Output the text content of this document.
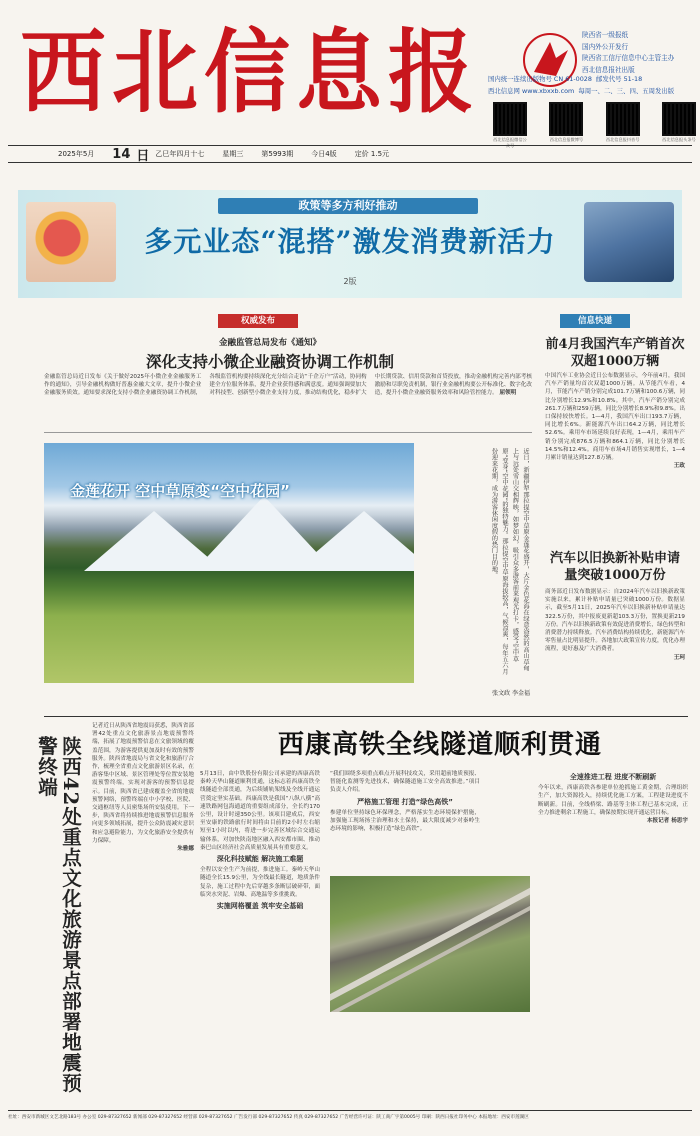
西北信息报	陕西省一级报纸
国内外公开发行
陕西省工信厅信息中心主管主办
西北信息报社出版
国内统一连续出版物号 CN 61-0028 邮发代号 51-18
西北信息网 www.xbxxb.com 每周一、二、三、四、五周发出版
西北信息报微信公众号
西北信息报微博号	西北信息报抖音号	西北信息报头条号
2025年5月 14 日 乙巳年四月十七	星期三	第5993期	今日4版	定价 1.5元
政策等多方利好推动
多元业态“混搭”激发消费新活力
2版
权威发布	信息快递
金融监管总局发布《通知》
深化支持小微企业融资协调工作机制
金融监管总局近日发布《关于做好2025年小微企业金融服务工作的通知》，引导金融机构做好普惠金融大文章，提升小微企业金融服务质效。通知要求深化支持小微企业融资协调工作机制，各级监管机构要持续深化充分结合走访“千企万户”活动，协同构建全方位服务体系，提升企业获得感和满意度。通知强调要加大对科技型、创新型小微企业支持力度，推动结构优化，稳步扩大中长期贷款、信用贷款和首贷投放，推动金融机构完善内部考核激励和尽职免责机制，银行业金融机构要公开标准化、数字化改造，提升小微企业融资服务效率和风险管控能力。 屈领明
金莲花开 空中草原变“空中花园”	近日，新疆伊犁那拉提空中草原金莲花盛开，大片金色花海在绿意盎然的高山草甸上与远处雪山交相辉映，如梦如幻，吸引众多游客前来观光打卡，感受“空中草原”变身“空中花园”的独特魅力。那拉提空中草原海拔较高，气候凉爽，每年五六月份迎来花期，成为游客休闲度假的热门目的地。
张文政 李金福
前4月我国汽车产销首次双超1000万辆
中国汽车工业协会近日公布数据显示，今年前4月，我国汽车产销量均首次双超1000万辆。从节能汽车看，4月，节能汽车产销分别完成101.7万辆和100.6万辆，同比分别增长12.9%和10.8%。其中，汽车产销分别完成261.7万辆和259万辆，同比分别增长8.9%和9.8%。出口保持较快增长。1—4月，我国汽车出口193.7万辆，同比增长6%。新能源汽车出口64.2万辆，同比增长52.6%。乘用车市场延续良好表现，1—4月，乘用车产销分别完成876.5万辆和864.1万辆，同比分别增长14.5%和12.4%。商用车市场4月销售实现增长，1—4月累计销量达到127.8万辆。
王政
汽车以旧换新补贴申请量突破1000万份
商务部近日发布数据显示：自2024年汽车以旧换新政策实施以来，累计补贴申请量已突破1000万份。数据显示，截至5月11日，2025年汽车以旧换新补贴申请量达322.5万份，其中报废更新超103.3万份，置换更新219万份。汽车以旧换新政策有效促进消费增长，绿色转型和消费潜力持续释放。汽车消费结构持续优化，新能源汽车零售量占比明显提升。各地加大政策宣传力度，优化办理流程，更好惠及广大消费者。
王珂
陕西42处重点文化旅游景点部署地震预警终端
记者近日从陕西省地震局获悉，陕西省部署42处重点文化旅游景点地震预警终端，拓展了地震预警信息在文旅领域的覆盖范围，为游客提供更加及时有效的预警服务。陕西省地震局与省文化和旅游厅合作，梳理全省重点文化旅游景区名录，在游客集中区域、景区管理处等位置安装地震预警终端，实现对游客的预警信息提示。目前，陕西省已建成覆盖全省的地震预警网络，预警终端在中小学校、医院、交通枢纽等人员密集场所安装使用。下一步，陕西省将持续推进地震预警信息服务向更多领域拓展，提升公众防震减灾意识和应急避险能力，为文化旅游安全提供有力保障。
朱雅娜
西康高铁全线隧道顺利贯通
5月13日，由中铁股份有限公司承建的西康高铁秦岭天华山隧道顺利贯通，这标志着西康高铁全线隧道全部贯通，为后续铺轨架线及全线开通运营奠定坚实基础。西康高铁是我国“八纵八横”高速铁路网包海通道的重要组成部分，全长约170公里，设计时速350公里。该项目建成后，西安至安康的铁路旅行时间将由目前的2小时左右缩短至1小时以内，将进一步完善区域综合交通运输体系，对加快陕南地区融入西安都市圈、推动秦巴山区经济社会高质量发展具有重要意义。
深化科技赋能 解决施工难题
全程以安全生产为前提，推进施工。秦岭天华山隧道全长15.9公里，为全线最长隧道，地质条件复杂，施工过程中先后穿越多条断层破碎带，面临突水突泥、岩爆、高地温等多重挑战。
实施网格覆盖 筑牢安全基础
“我们围绕多项重点难点开展科技攻关，采用超前地质预报、智能化监测等先进技术，确保隧道施工安全高效推进。”项目负责人介绍。
严格施工管理 打造“绿色高铁”
参建单位坚持绿色环保理念，严格落实生态环境保护措施，加强施工现场扬尘治理和水土保持，最大限度减少对秦岭生态环境的影响，积极打造“绿色高铁”。
全速推进工程 进度不断刷新
今年以来，西康高铁各参建单位抢抓施工黄金期，合理组织生产，加大资源投入，持续优化施工方案，工程建设进度不断刷新。目前，全线桥梁、路基等主体工程已基本完成，正全力推进剩余工程施工，确保按期实现开通运营目标。
本报记者 杨思宇
社址：西安市新城区文艺北路183号 办公室 029-87327652 新闻部 029-87327652 经营部 029-87327652 广告发行部 029-87327652 传真 029-87327652 广告经营许可证：陕工商广字第0005号 印刷：陕西日报社印务中心 本报地址：西安市莲湖区
